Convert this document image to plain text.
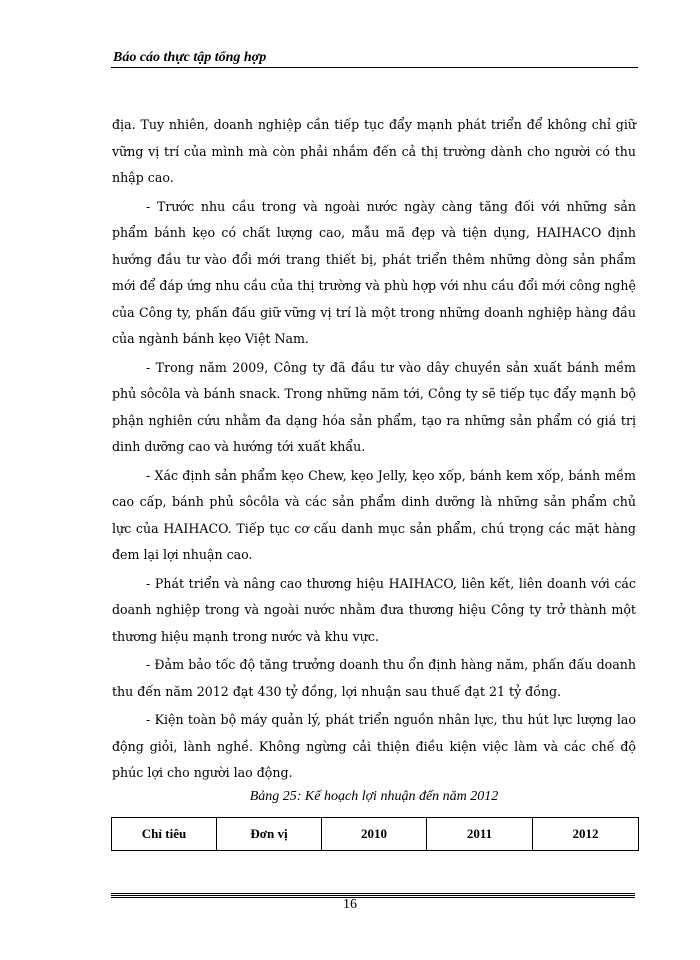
Báo cáo thực tập tổng hợp

địa. Tuy nhiên, doanh nghiệp cần tiếp tục đẩy mạnh phát triển để không chỉ giữ vững vị trí của mình mà còn phải nhắm đến cả thị trường dành cho người có thu nhập cao.

- Trước nhu cầu trong và ngoài nước ngày càng tăng đối với những sản phẩm bánh kẹo có chất lượng cao, mẫu mã đẹp và tiện dụng, HAIHACO định hướng đầu tư vào đổi mới trang thiết bị, phát triển thêm những dòng sản phẩm mới để đáp ứng nhu cầu của thị trường và phù hợp với nhu cầu đổi mới công nghệ của Công ty, phấn đấu giữ vững vị trí là một trong những doanh nghiệp hàng đầu của ngành bánh kẹo Việt Nam.

- Trong năm 2009, Công ty đã đầu tư vào dây chuyền sản xuất bánh mềm phủ sôcôla và bánh snack. Trong những năm tới, Công ty sẽ tiếp tục đẩy mạnh bộ phận nghiên cứu nhằm đa dạng hóa sản phẩm, tạo ra những sản phẩm có giá trị dinh dưỡng cao và hướng tới xuất khẩu.

- Xác định sản phẩm kẹo Chew, kẹo Jelly, kẹo xốp, bánh kem xốp, bánh mềm cao cấp, bánh phủ sôcôla và các sản phẩm dinh dưỡng là những sản phẩm chủ lực của HAIHACO. Tiếp tục cơ cấu danh mục sản phẩm, chú trọng các mặt hàng đem lại lợi nhuận cao.

- Phát triển và nâng cao thương hiệu HAIHACO, liên kết, liên doanh với các doanh nghiệp trong và ngoài nước nhằm đưa thương hiệu Công ty trở thành một thương hiệu mạnh trong nước và khu vực.

- Đảm bảo tốc độ tăng trưởng doanh thu ổn định hàng năm, phấn đấu doanh thu đến năm 2012 đạt 430 tỷ đồng, lợi nhuận sau thuế đạt 21 tỷ đồng.

- Kiện toàn bộ máy quản lý, phát triển nguồn nhân lực, thu hút lực lượng lao động giỏi, lành nghề. Không ngừng cải thiện điều kiện việc làm và các chế độ phúc lợi cho người lao động.

Bảng 25: Kế hoạch lợi nhuận đến năm 2012
Chỉ tiêu	Đơn vị	2010	2011	2012
16
